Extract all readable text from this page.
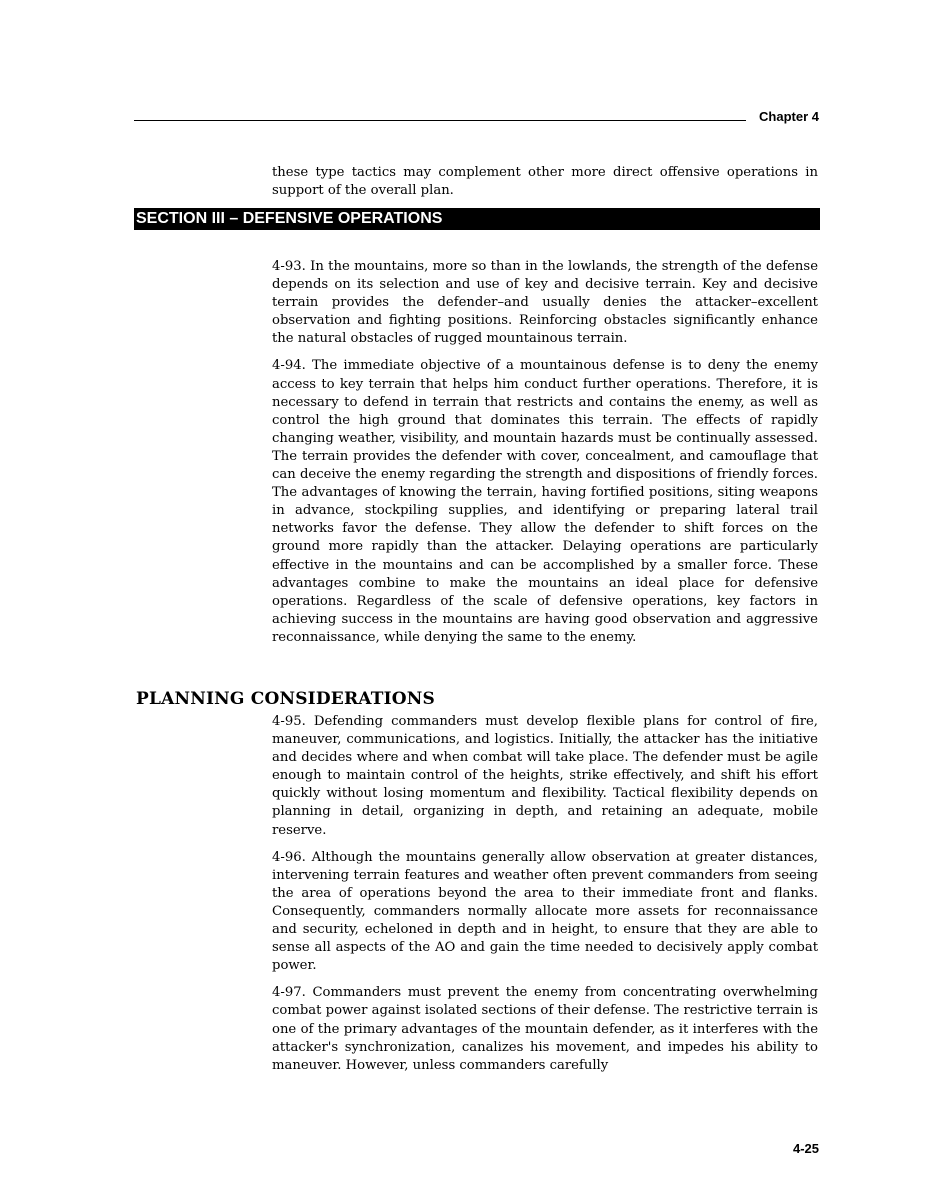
Chapter 4

these type tactics may complement other more direct offensive operations in support of the overall plan.

SECTION III – DEFENSIVE OPERATIONS

4-93. In the mountains, more so than in the lowlands, the strength of the defense depends on its selection and use of key and decisive terrain. Key and decisive terrain provides the defender–and usually denies the attacker–excellent observation and fighting positions. Reinforcing obstacles significantly enhance the natural obstacles of rugged mountainous terrain.

4-94. The immediate objective of a mountainous defense is to deny the enemy access to key terrain that helps him conduct further operations. Therefore, it is necessary to defend in terrain that restricts and contains the enemy, as well as control the high ground that dominates this terrain. The effects of rapidly changing weather, visibility, and mountain hazards must be continually assessed. The terrain provides the defender with cover, concealment, and camouflage that can deceive the enemy regarding the strength and dispositions of friendly forces. The advantages of knowing the terrain, having fortified positions, siting weapons in advance, stockpiling supplies, and identifying or preparing lateral trail networks favor the defense. They allow the defender to shift forces on the ground more rapidly than the attacker. Delaying operations are particularly effective in the mountains and can be accomplished by a smaller force. These advantages combine to make the mountains an ideal place for defensive operations. Regardless of the scale of defensive operations, key factors in achieving success in the mountains are having good observation and aggressive reconnaissance, while denying the same to the enemy.

PLANNING CONSIDERATIONS

4-95. Defending commanders must develop flexible plans for control of fire, maneuver, communications, and logistics. Initially, the attacker has the initiative and decides where and when combat will take place. The defender must be agile enough to maintain control of the heights, strike effectively, and shift his effort quickly without losing momentum and flexibility. Tactical flexibility depends on planning in detail, organizing in depth, and retaining an adequate, mobile reserve.

4-96. Although the mountains generally allow observation at greater distances, intervening terrain features and weather often prevent commanders from seeing the area of operations beyond the area to their immediate front and flanks. Consequently, commanders normally allocate more assets for reconnaissance and security, echeloned in depth and in height, to ensure that they are able to sense all aspects of the AO and gain the time needed to decisively apply combat power.

4-97. Commanders must prevent the enemy from concentrating overwhelming combat power against isolated sections of their defense. The restrictive terrain is one of the primary advantages of the mountain defender, as it interferes with the attacker's synchronization, canalizes his movement, and impedes his ability to maneuver. However, unless commanders carefully

4-25
